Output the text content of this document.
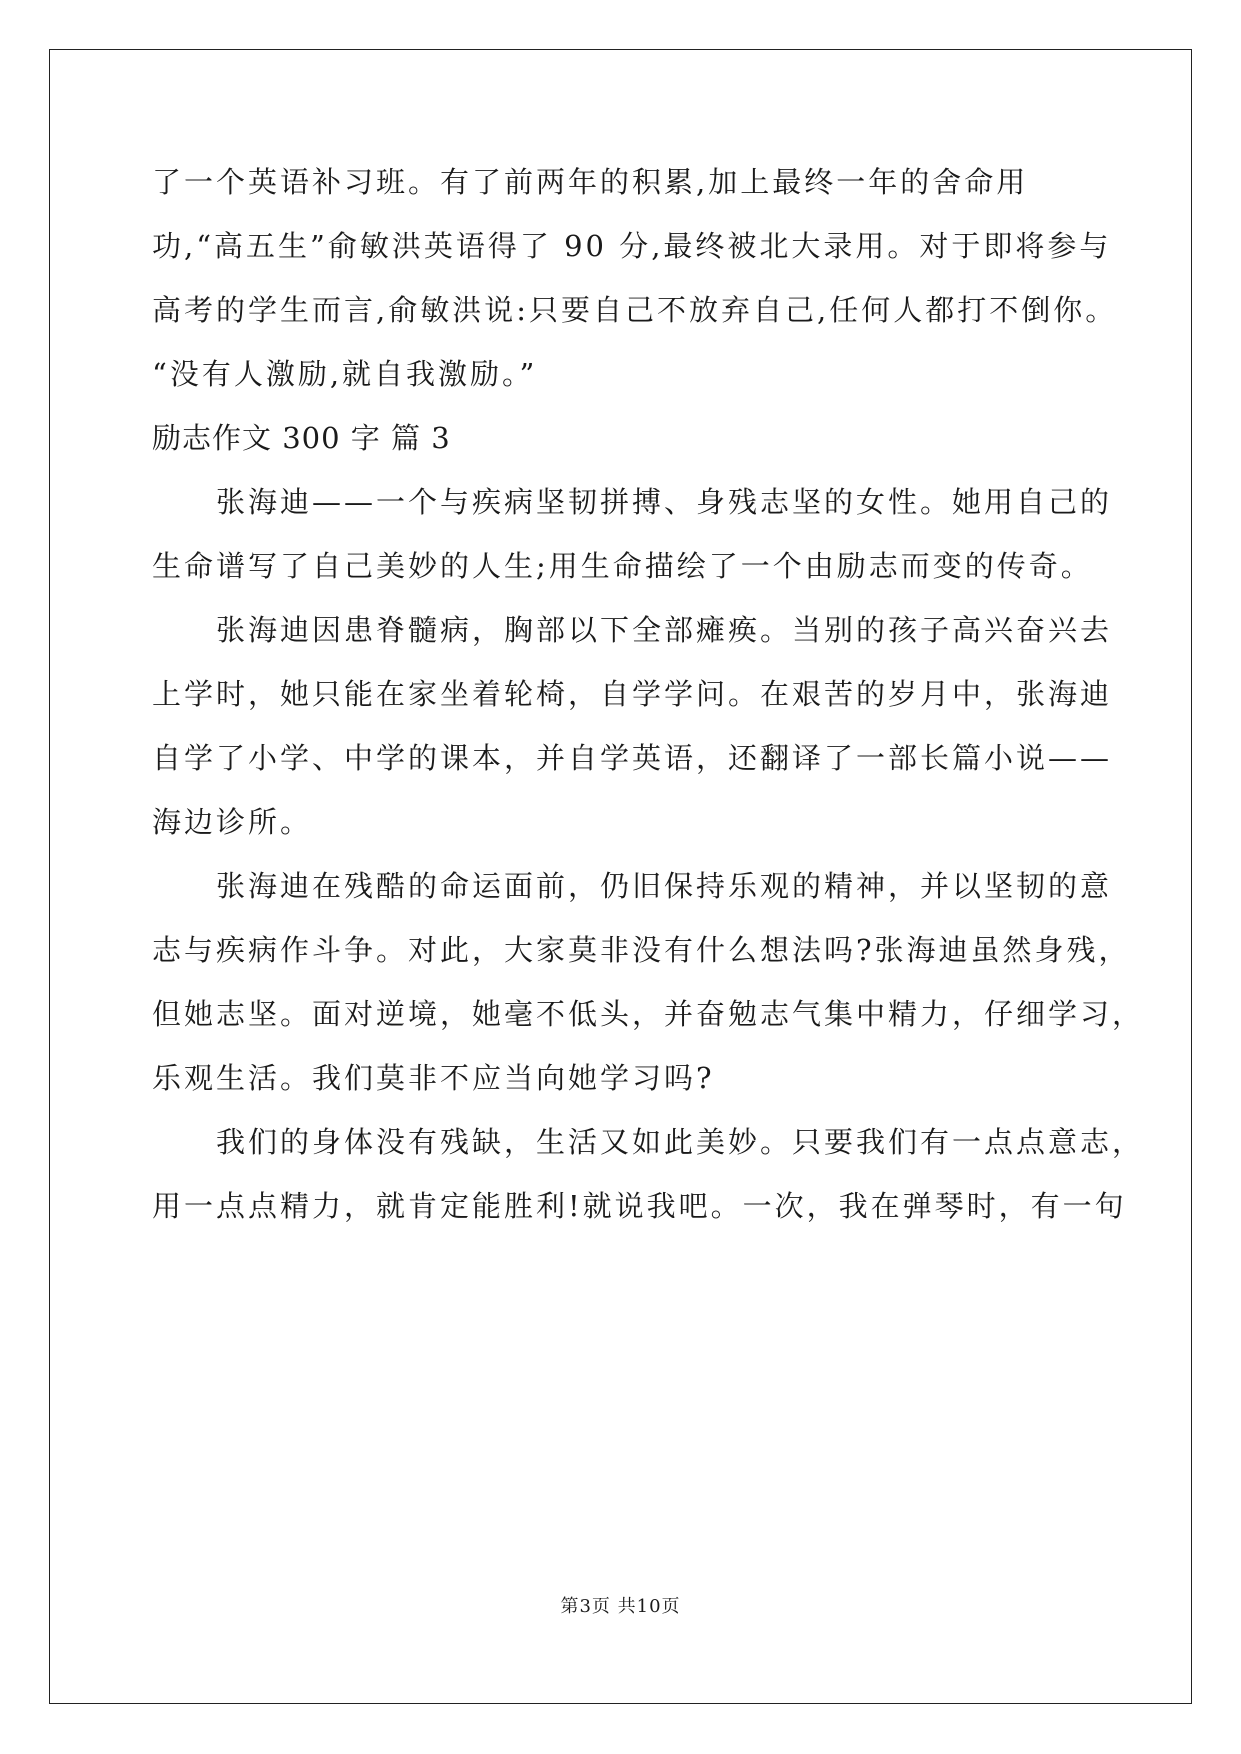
了一个英语补习班。有了前两年的积累,加上最终一年的舍命用
功,“高五生”俞敏洪英语得了 90 分,最终被北大录用。对于即将参与
高考的学生而言,俞敏洪说:只要自己不放弃自己,任何人都打不倒你。
“没有人激励,就自我激励。”
励志作文 300 字 篇 3
张海迪——一个与疾病坚韧拼搏、身残志坚的女性。她用自己的
生命谱写了自己美妙的人生;用生命描绘了一个由励志而变的传奇。
张海迪因患脊髓病，胸部以下全部瘫痪。当别的孩子高兴奋兴去
上学时，她只能在家坐着轮椅，自学学问。在艰苦的岁月中，张海迪
自学了小学、中学的课本，并自学英语，还翻译了一部长篇小说——
海边诊所。
张海迪在残酷的命运面前，仍旧保持乐观的精神，并以坚韧的意
志与疾病作斗争。对此，大家莫非没有什么想法吗?张海迪虽然身残，
但她志坚。面对逆境，她毫不低头，并奋勉志气集中精力，仔细学习，
乐观生活。我们莫非不应当向她学习吗?
我们的身体没有残缺，生活又如此美妙。只要我们有一点点意志，
用一点点精力，就肯定能胜利!就说我吧。一次，我在弹琴时，有一句
第3页 共10页
